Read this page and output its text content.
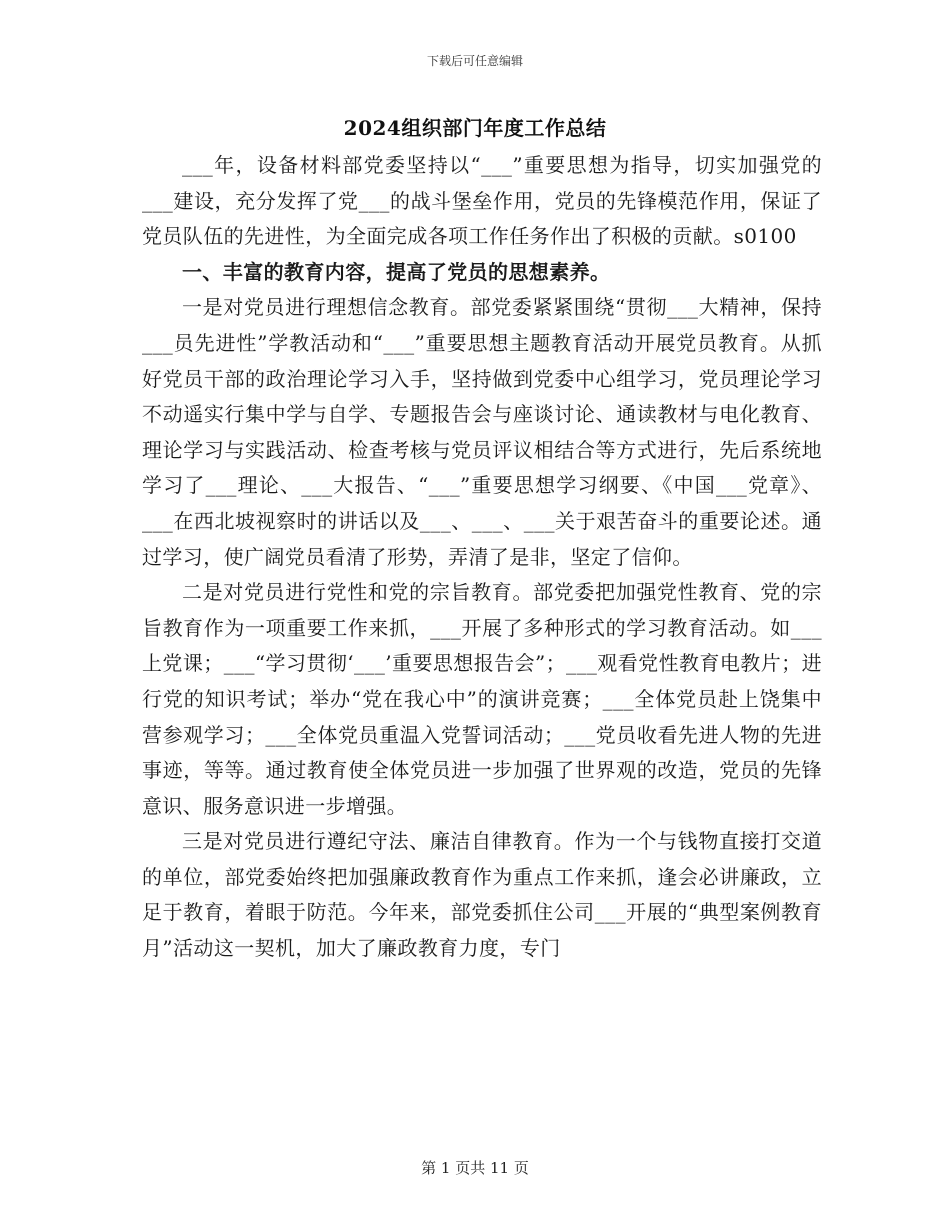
下载后可任意编辑
2024组织部门年度工作总结

___年，设备材料部党委坚持以“___”重要思想为指导，切实加强党的___建设，充分发挥了党___的战斗堡垒作用，党员的先锋模范作用，保证了党员队伍的先进性，为全面完成各项工作任务作出了积极的贡献。s0100

一、丰富的教育内容，提高了党员的思想素养。

一是对党员进行理想信念教育。部党委紧紧围绕“贯彻___大精神，保持___员先进性”学教活动和“___”重要思想主题教育活动开展党员教育。从抓好党员干部的政治理论学习入手，坚持做到党委中心组学习，党员理论学习不动遥实行集中学与自学、专题报告会与座谈讨论、通读教材与电化教育、理论学习与实践活动、检查考核与党员评议相结合等方式进行，先后系统地学习了___理论、___大报告、“___”重要思想学习纲要、《中国___党章》、___在西北坡视察时的讲话以及___、___、___关于艰苦奋斗的重要论述。通过学习，使广阔党员看清了形势，弄清了是非，坚定了信仰。

二是对党员进行党性和党的宗旨教育。部党委把加强党性教育、党的宗旨教育作为一项重要工作来抓，___开展了多种形式的学习教育活动。如___上党课；___“学习贯彻‘___’重要思想报告会”；___观看党性教育电教片；进行党的知识考试；举办“党在我心中”的演讲竞赛；___全体党员赴上饶集中营参观学习；___全体党员重温入党誓词活动；___党员收看先进人物的先进事迹，等等。通过教育使全体党员进一步加强了世界观的改造，党员的先锋意识、服务意识进一步增强。

三是对党员进行遵纪守法、廉洁自律教育。作为一个与钱物直接打交道的单位，部党委始终把加强廉政教育作为重点工作来抓，逢会必讲廉政，立足于教育，着眼于防范。今年来，部党委抓住公司___开展的“典型案例教育月”活动这一契机，加大了廉政教育力度，专门

第 1 页共 11 页
